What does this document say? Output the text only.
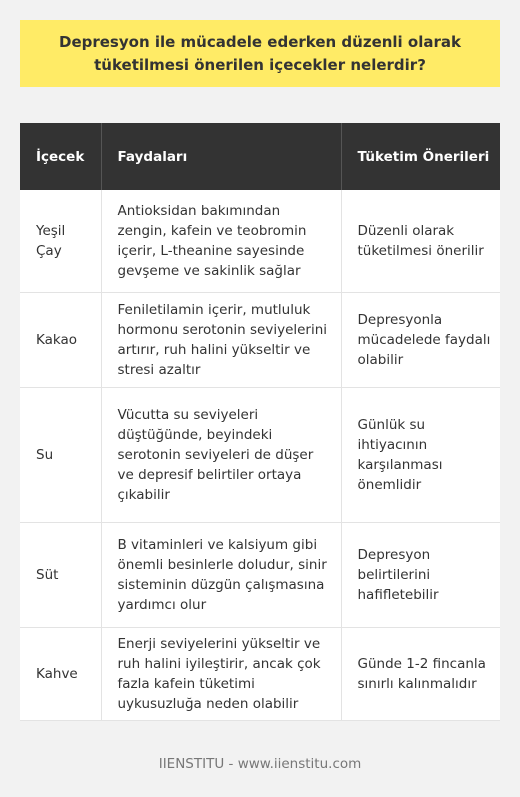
Depresyon ile mücadele ederken düzenli olarak tüketilmesi önerilen içecekler nelerdir?
İçecek	Faydaları	Tüketim Önerileri
Yeşil Çay	Antioksidan bakımından zengin, kafein ve teobromin içerir, L-theanine sayesinde gevşeme ve sakinlik sağlar	Düzenli olarak tüketilmesi önerilir
Kakao	Feniletilamin içerir, mutluluk hormonu serotonin seviyelerini artırır, ruh halini yükseltir ve stresi azaltır	Depresyonla mücadelede faydalı olabilir
Su	Vücutta su seviyeleri düştüğünde, beyindeki serotonin seviyeleri de düşer ve depresif belirtiler ortaya çıkabilir	Günlük su ihtiyacının karşılanması önemlidir
Süt	B vitaminleri ve kalsiyum gibi önemli besinlerle doludur, sinir sisteminin düzgün çalışmasına yardımcı olur	Depresyon belirtilerini hafifletebilir
Kahve	Enerji seviyelerini yükseltir ve ruh halini iyileştirir, ancak çok fazla kafein tüketimi uykusuzluğa neden olabilir	Günde 1-2 fincanla sınırlı kalınmalıdır
IIENSTITU - www.iienstitu.com
